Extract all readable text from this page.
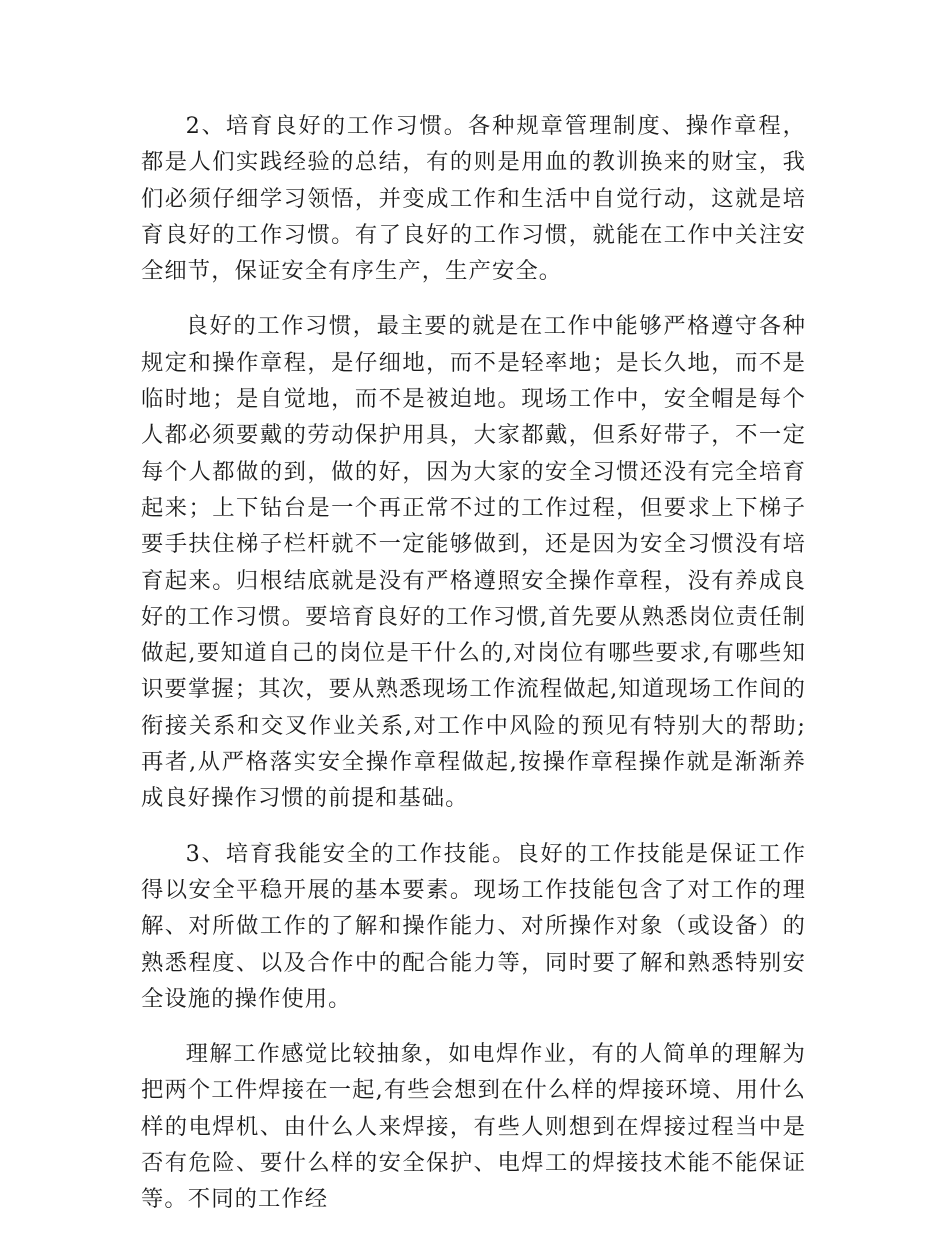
2、培育良好的工作习惯。各种规章管理制度、操作章程，都是人们实践经验的总结，有的则是用血的教训换来的财宝，我们必须仔细学习领悟，并变成工作和生活中自觉行动，这就是培育良好的工作习惯。有了良好的工作习惯，就能在工作中关注安全细节，保证安全有序生产，生产安全。

良好的工作习惯，最主要的就是在工作中能够严格遵守各种规定和操作章程，是仔细地，而不是轻率地；是长久地，而不是临时地；是自觉地，而不是被迫地。现场工作中，安全帽是每个人都必须要戴的劳动保护用具，大家都戴，但系好带子，不一定每个人都做的到，做的好，因为大家的安全习惯还没有完全培育起来；上下钻台是一个再正常不过的工作过程，但要求上下梯子要手扶住梯子栏杆就不一定能够做到，还是因为安全习惯没有培育起来。归根结底就是没有严格遵照安全操作章程，没有养成良好的工作习惯。要培育良好的工作习惯,首先要从熟悉岗位责任制做起,要知道自己的岗位是干什么的,对岗位有哪些要求,有哪些知识要掌握；其次，要从熟悉现场工作流程做起,知道现场工作间的衔接关系和交叉作业关系,对工作中风险的预见有特别大的帮助;再者,从严格落实安全操作章程做起,按操作章程操作就是渐渐养成良好操作习惯的前提和基础。

3、培育我能安全的工作技能。良好的工作技能是保证工作得以安全平稳开展的基本要素。现场工作技能包含了对工作的理解、对所做工作的了解和操作能力、对所操作对象（或设备）的熟悉程度、以及合作中的配合能力等，同时要了解和熟悉特别安全设施的操作使用。

理解工作感觉比较抽象，如电焊作业，有的人简单的理解为把两个工件焊接在一起,有些会想到在什么样的焊接环境、用什么样的电焊机、由什么人来焊接，有些人则想到在焊接过程当中是否有危险、要什么样的安全保护、电焊工的焊接技术能不能保证等。不同的工作经
